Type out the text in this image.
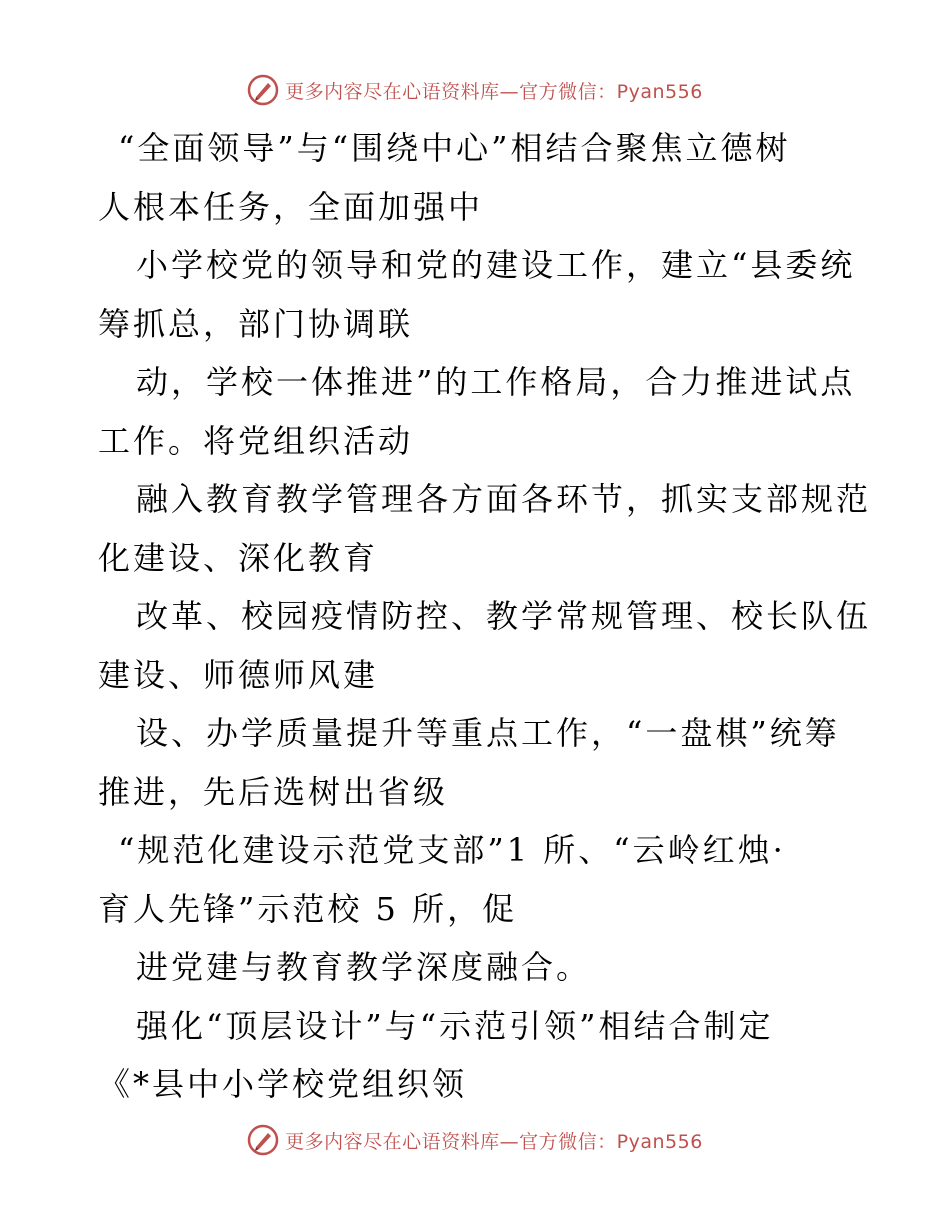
更多内容尽在心语资料库—官方微信：Pyan556
“全面领导”与“围绕中心”相结合聚焦立德树
人根本任务，全面加强中
小学校党的领导和党的建设工作，建立“县委统
筹抓总，部门协调联
动，学校一体推进”的工作格局，合力推进试点
工作。将党组织活动
融入教育教学管理各方面各环节，抓实支部规范
化建设、深化教育
改革、校园疫情防控、教学常规管理、校长队伍
建设、师德师风建
设、办学质量提升等重点工作，“一盘棋”统筹
推进，先后选树出省级
“规范化建设示范党支部”1 所、“云岭红烛·
育人先锋”示范校 5 所，促
进党建与教育教学深度融合。
强化“顶层设计”与“示范引领”相结合制定
《*县中小学校党组织领
更多内容尽在心语资料库—官方微信：Pyan556
